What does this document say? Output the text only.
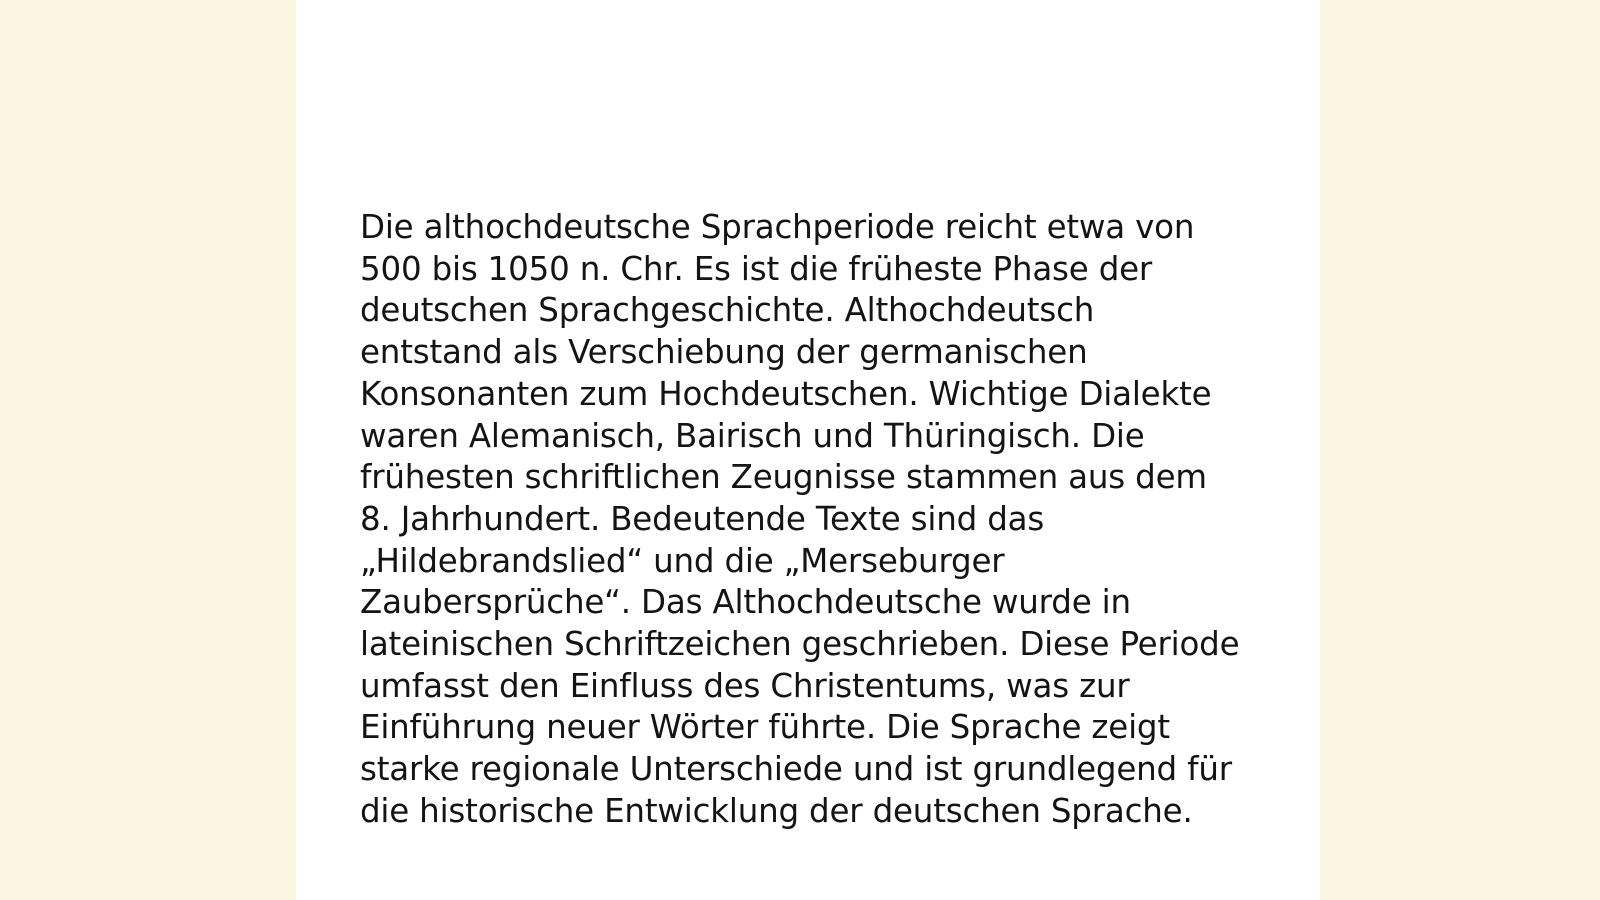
Die althochdeutsche Sprachperiode reicht etwa von 500 bis 1050 n. Chr. Es ist die früheste Phase der deutschen Sprachgeschichte. Althochdeutsch entstand als Verschiebung der germanischen Konsonanten zum Hochdeutschen. Wichtige Dialekte waren Alemanisch, Bairisch und Thüringisch. Die frühesten schriftlichen Zeugnisse stammen aus dem 8. Jahrhundert. Bedeutende Texte sind das „Hildebrandslied“ und die „Merseburger Zaubersprüche“. Das Althochdeutsche wurde in lateinischen Schriftzeichen geschrieben. Diese Periode umfasst den Einfluss des Christentums, was zur Einführung neuer Wörter führte. Die Sprache zeigt starke regionale Unterschiede und ist grundlegend für die historische Entwicklung der deutschen Sprache.
